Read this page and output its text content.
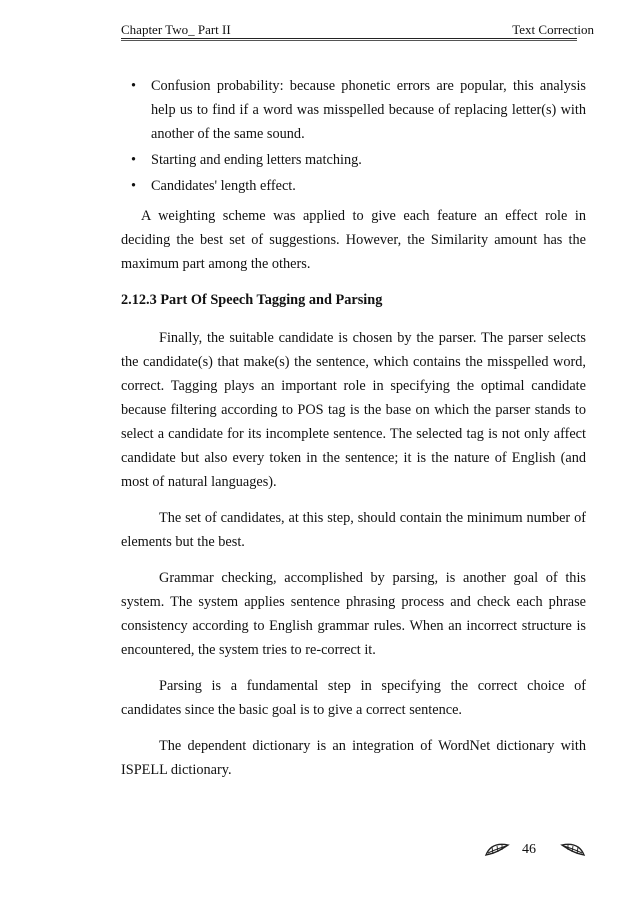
Chapter Two_ Part II	Text Correction
• Confusion probability: because phonetic errors are popular, this analysis help us to find if a word was misspelled because of replacing letter(s) with another of the same sound.
• Starting and ending letters matching.
• Candidates' length effect.

A weighting scheme was applied to give each feature an effect role in deciding the best set of suggestions. However, the Similarity amount has the maximum part among the others.

2.12.3 Part Of Speech Tagging and Parsing

Finally, the suitable candidate is chosen by the parser. The parser selects the candidate(s) that make(s) the sentence, which contains the misspelled word, correct. Tagging plays an important role in specifying the optimal candidate because filtering according to POS tag is the base on which the parser stands to select a candidate for its incomplete sentence. The selected tag is not only affect candidate but also every token in the sentence; it is the nature of English (and most of natural languages).

The set of candidates, at this step, should contain the minimum number of elements but the best.

Grammar checking, accomplished by parsing, is another goal of this system. The system applies sentence phrasing process and check each phrase consistency according to English grammar rules. When an incorrect structure is encountered, the system tries to re-correct it.

Parsing is a fundamental step in specifying the correct choice of candidates since the basic goal is to give a correct sentence.

The dependent dictionary is an integration of WordNet dictionary with ISPELL dictionary.

46
